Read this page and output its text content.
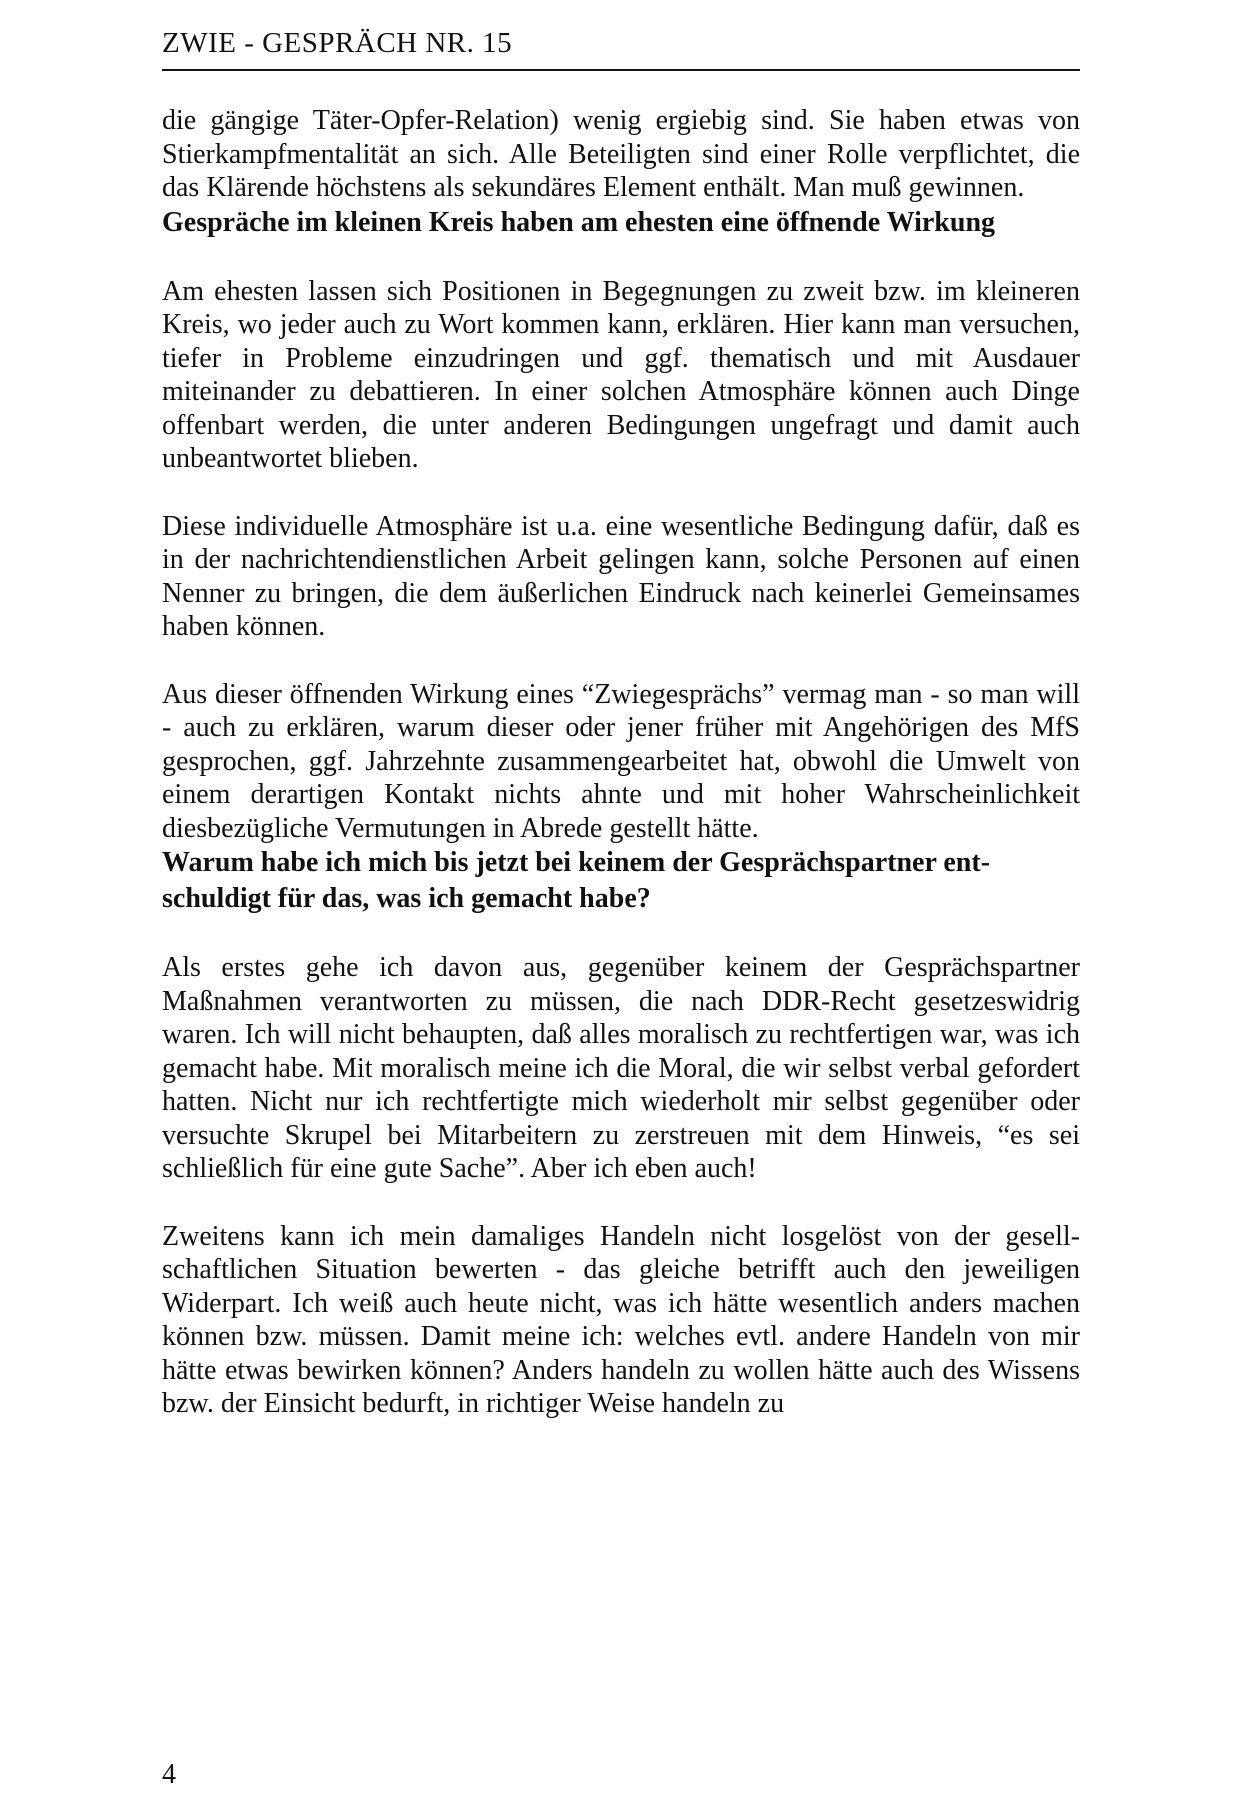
ZWIE - GESPRÄCH NR. 15

die gängige Täter-Opfer-Relation) wenig ergiebig sind. Sie haben etwas von Stierkampfmentalität an sich. Alle Beteiligten sind einer Rolle verpflichtet, die das Klärende höchstens als sekundäres Element enthält. Man muß gewinnen.

Gespräche im kleinen Kreis haben am ehesten eine öffnende Wirkung

Am ehesten lassen sich Positionen in Begegnungen zu zweit bzw. im kleineren Kreis, wo jeder auch zu Wort kommen kann, erklären. Hier kann man versuchen, tiefer in Probleme einzudringen und ggf. thematisch und mit Ausdauer miteinander zu debattieren. In einer solchen Atmosphäre können auch Dinge offenbart werden, die unter anderen Bedingungen ungefragt und damit auch unbeantwortet blieben.

Diese individuelle Atmosphäre ist u.a. eine wesentliche Bedingung dafür, daß es in der nachrichtendienstlichen Arbeit gelingen kann, solche Personen auf einen Nenner zu bringen, die dem äußerlichen Eindruck nach keinerlei Gemeinsames haben können.

Aus dieser öffnenden Wirkung eines “Zwiegesprächs” vermag man - so man will - auch zu erklären, warum dieser oder jener früher mit Angehörigen des MfS gesprochen, ggf. Jahrzehnte zusammengearbeitet hat, obwohl die Umwelt von einem derartigen Kontakt nichts ahnte und mit hoher Wahrscheinlichkeit diesbezügliche Vermutungen in Abrede gestellt hätte.

Warum habe ich mich bis jetzt bei keinem der Gesprächspartner entschuldigt für das, was ich gemacht habe?

Als erstes gehe ich davon aus, gegenüber keinem der Gesprächspartner Maßnahmen verantworten zu müssen, die nach DDR-Recht gesetzeswidrig waren. Ich will nicht behaupten, daß alles moralisch zu rechtfertigen war, was ich gemacht habe. Mit moralisch meine ich die Moral, die wir selbst verbal gefordert hatten. Nicht nur ich rechtfertigte mich wiederholt mir selbst gegenüber oder versuchte Skrupel bei Mitarbeitern zu zerstreuen mit dem Hinweis, “es sei schließlich für eine gute Sache”. Aber ich eben auch!

Zweitens kann ich mein damaliges Handeln nicht losgelöst von der gesellschaftlichen Situation bewerten - das gleiche betrifft auch den jeweiligen Widerpart. Ich weiß auch heute nicht, was ich hätte wesentlich anders machen können bzw. müssen. Damit meine ich: welches evtl. andere Handeln von mir hätte etwas bewirken können? Anders handeln zu wollen hätte auch des Wissens bzw. der Einsicht bedurft, in richtiger Weise handeln zu

4
